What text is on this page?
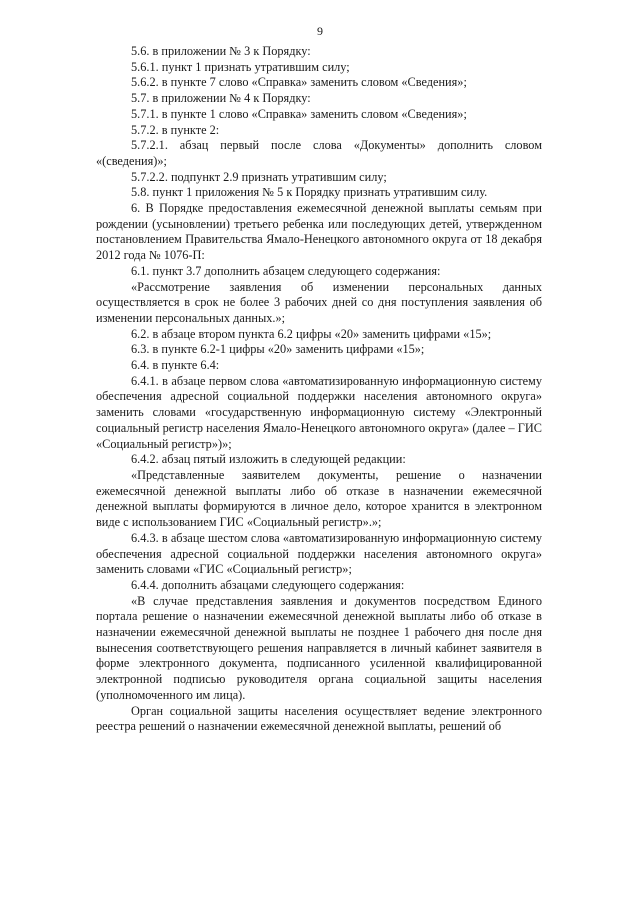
9

5.6. в приложении № 3 к Порядку:

5.6.1. пункт 1 признать утратившим силу;

5.6.2. в пункте 7 слово «Справка» заменить словом «Сведения»;

5.7. в приложении № 4 к Порядку:

5.7.1. в пункте 1 слово «Справка» заменить словом «Сведения»;

5.7.2. в пункте 2:

5.7.2.1. абзац первый после слова «Документы» дополнить словом «(сведения)»;

5.7.2.2. подпункт 2.9 признать утратившим силу;

5.8. пункт 1 приложения № 5 к Порядку признать утратившим силу.

6. В Порядке предоставления ежемесячной денежной выплаты семьям при рождении (усыновлении) третьего ребенка или последующих детей, утвержденном постановлением Правительства Ямало-Ненецкого автономного округа от 18 декабря 2012 года № 1076-П:

6.1. пункт 3.7 дополнить абзацем следующего содержания:

«Рассмотрение заявления об изменении персональных данных осуществляется в срок не более 3 рабочих дней со дня поступления заявления об изменении персональных данных.»;

6.2. в абзаце втором пункта 6.2 цифры «20» заменить цифрами «15»;

6.3. в пункте 6.2-1 цифры «20» заменить цифрами «15»;

6.4. в пункте 6.4:

6.4.1. в абзаце первом слова «автоматизированную информационную систему обеспечения адресной социальной поддержки населения автономного округа» заменить словами «государственную информационную систему «Электронный социальный регистр населения Ямало-Ненецкого автономного округа» (далее – ГИС «Социальный регистр»)»;

6.4.2. абзац пятый изложить в следующей редакции:

«Представленные заявителем документы, решение о назначении ежемесячной денежной выплаты либо об отказе в назначении ежемесячной денежной выплаты формируются в личное дело, которое хранится в электронном виде с использованием ГИС «Социальный регистр».»;

6.4.3. в абзаце шестом слова «автоматизированную информационную систему обеспечения адресной социальной поддержки населения автономного округа» заменить словами «ГИС «Социальный регистр»;

6.4.4. дополнить абзацами следующего содержания:

«В случае представления заявления и документов посредством Единого портала решение о назначении ежемесячной денежной выплаты либо об отказе в назначении ежемесячной денежной выплаты не позднее 1 рабочего дня после дня вынесения соответствующего решения направляется в личный кабинет заявителя в форме электронного документа, подписанного усиленной квалифицированной электронной подписью руководителя органа социальной защиты населения (уполномоченного им лица).

Орган социальной защиты населения осуществляет ведение электронного реестра решений о назначении ежемесячной денежной выплаты, решений об
